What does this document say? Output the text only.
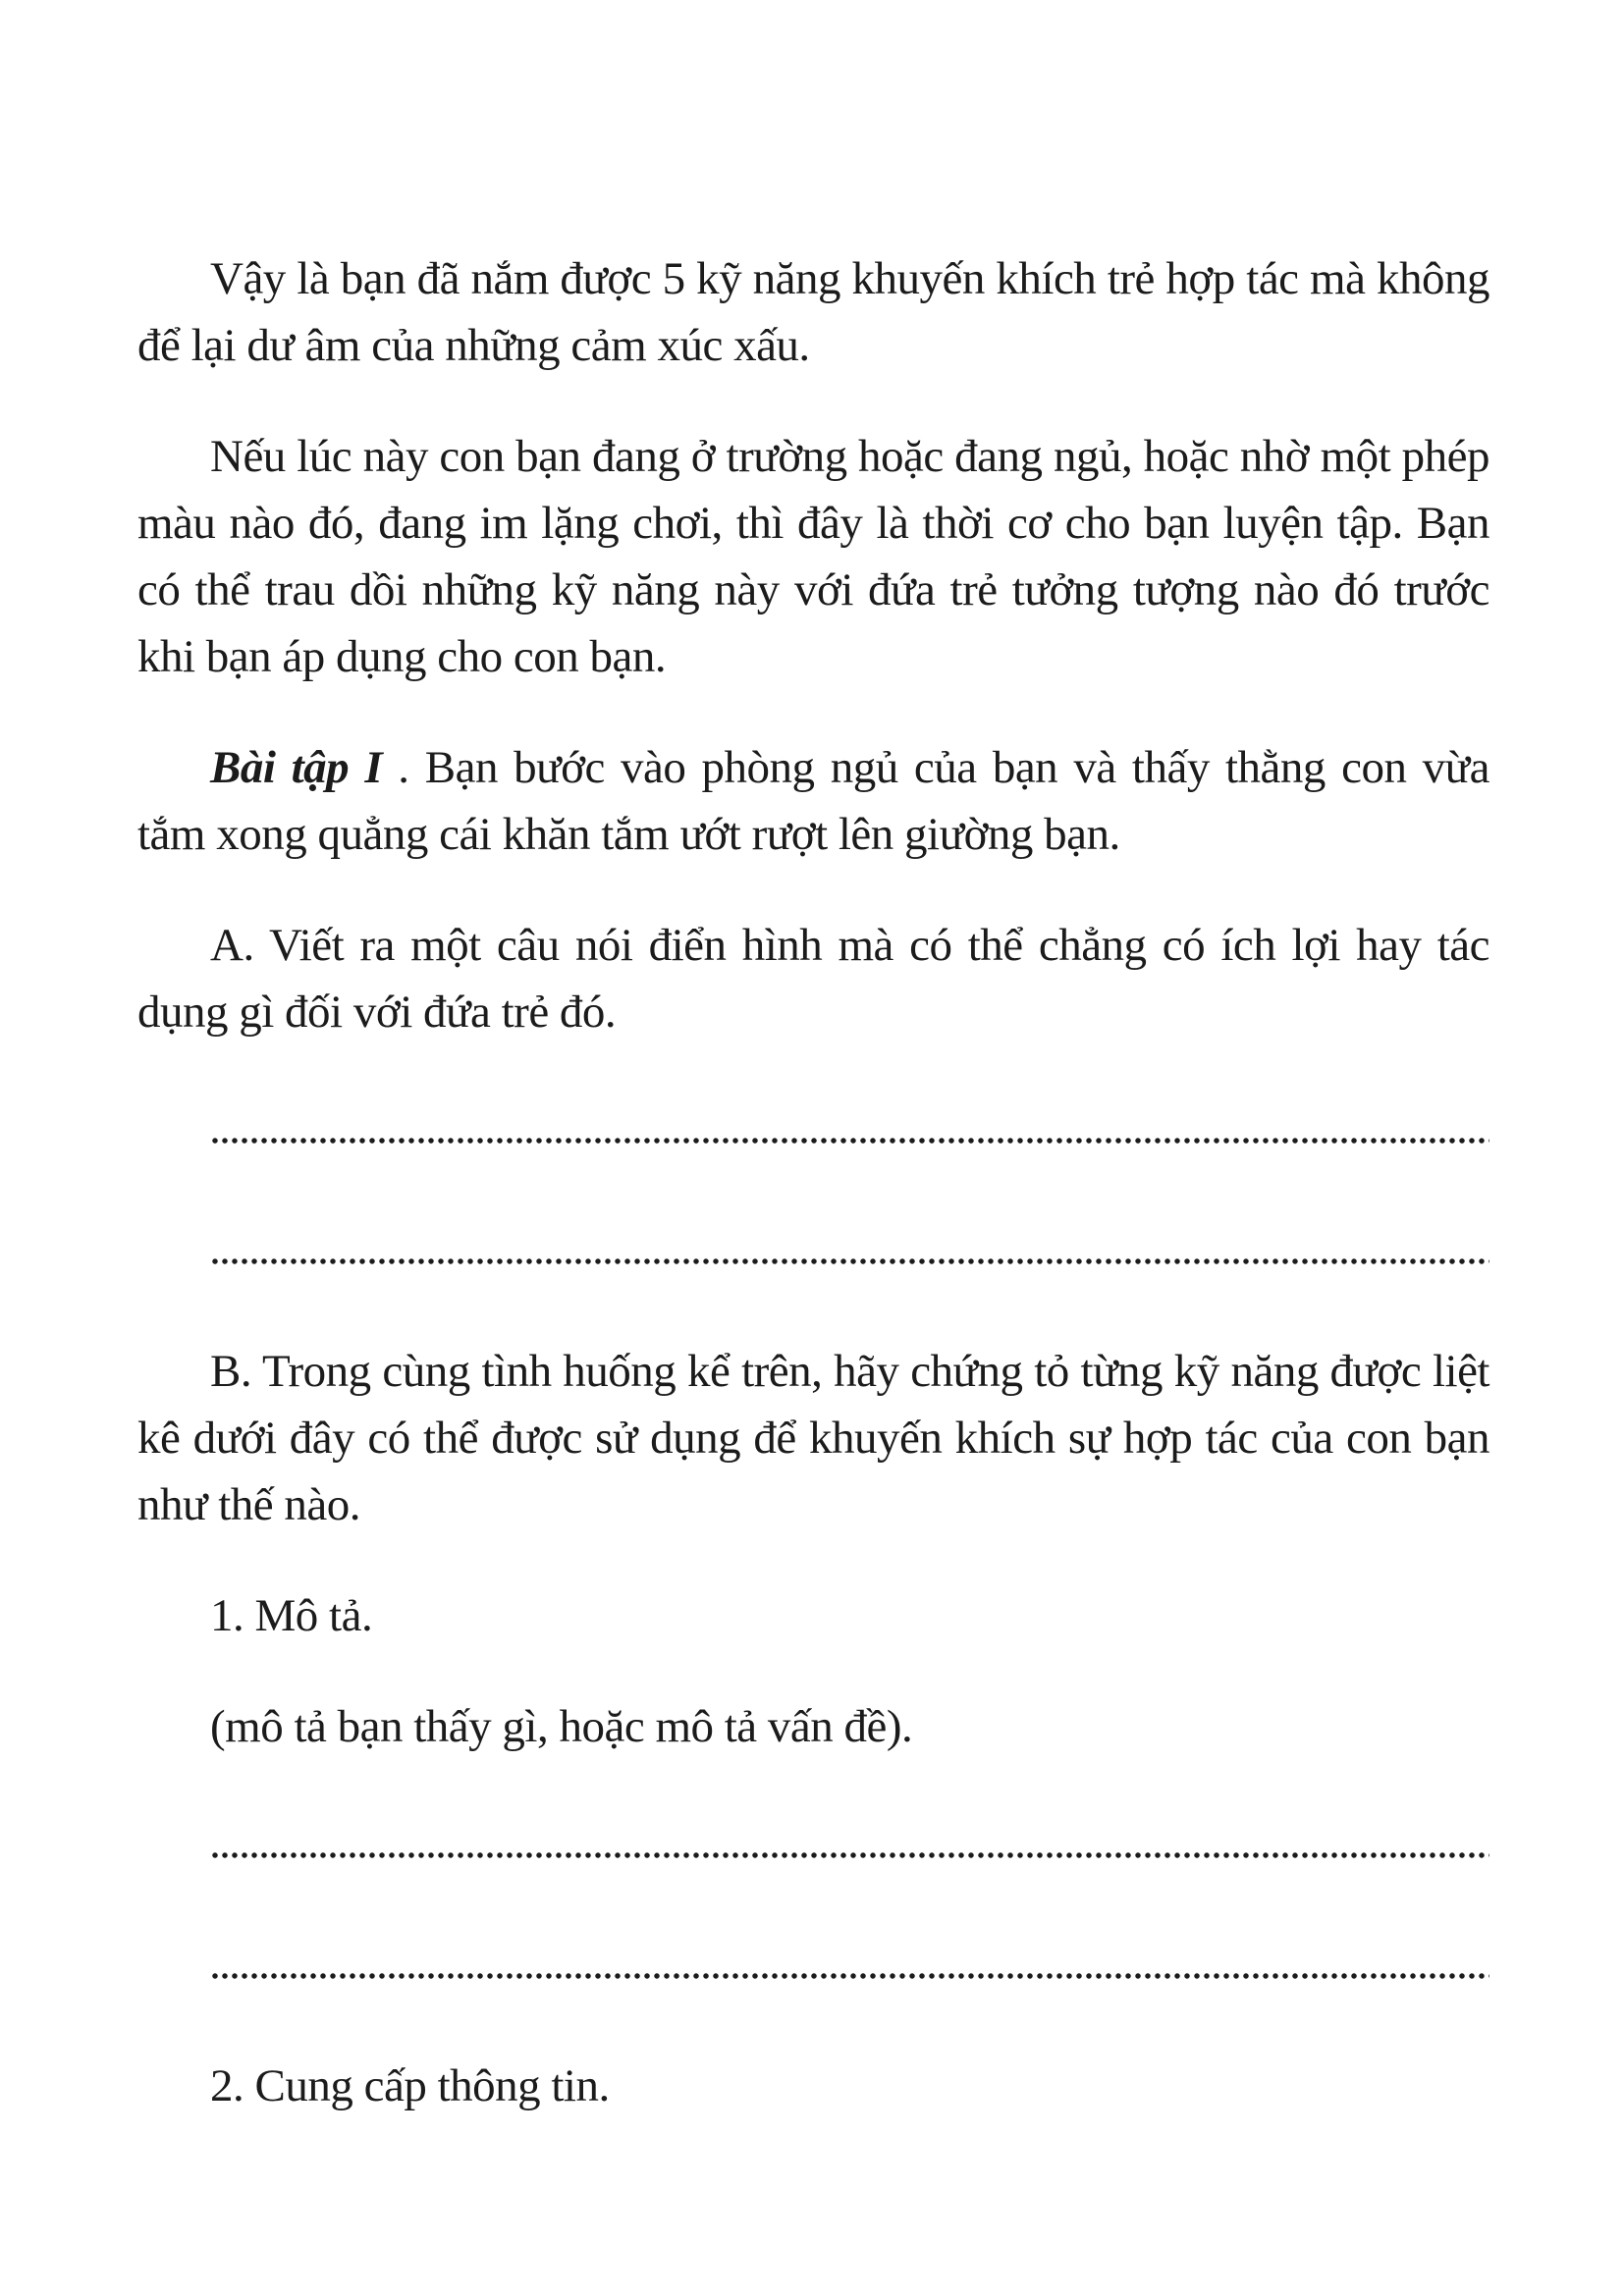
Vậy là bạn đã nắm được 5 kỹ năng khuyến khích trẻ hợp tác mà không để lại dư âm của những cảm xúc xấu.

Nếu lúc này con bạn đang ở trường hoặc đang ngủ, hoặc nhờ một phép màu nào đó, đang im lặng chơi, thì đây là thời cơ cho bạn luyện tập. Bạn có thể trau dồi những kỹ năng này với đứa trẻ tưởng tượng nào đó trước khi bạn áp dụng cho con bạn.

Bài tập I . Bạn bước vào phòng ngủ của bạn và thấy thằng con vừa tắm xong quẳng cái khăn tắm ướt rượt lên giường bạn.

A. Viết ra một câu nói điển hình mà có thể chẳng có ích lợi hay tác dụng gì đối với đứa trẻ đó.

B. Trong cùng tình huống kể trên, hãy chứng tỏ từng kỹ năng được liệt kê dưới đây có thể được sử dụng để khuyến khích sự hợp tác của con bạn như thế nào.

1. Mô tả.

(mô tả bạn thấy gì, hoặc mô tả vấn đề).

2. Cung cấp thông tin.
